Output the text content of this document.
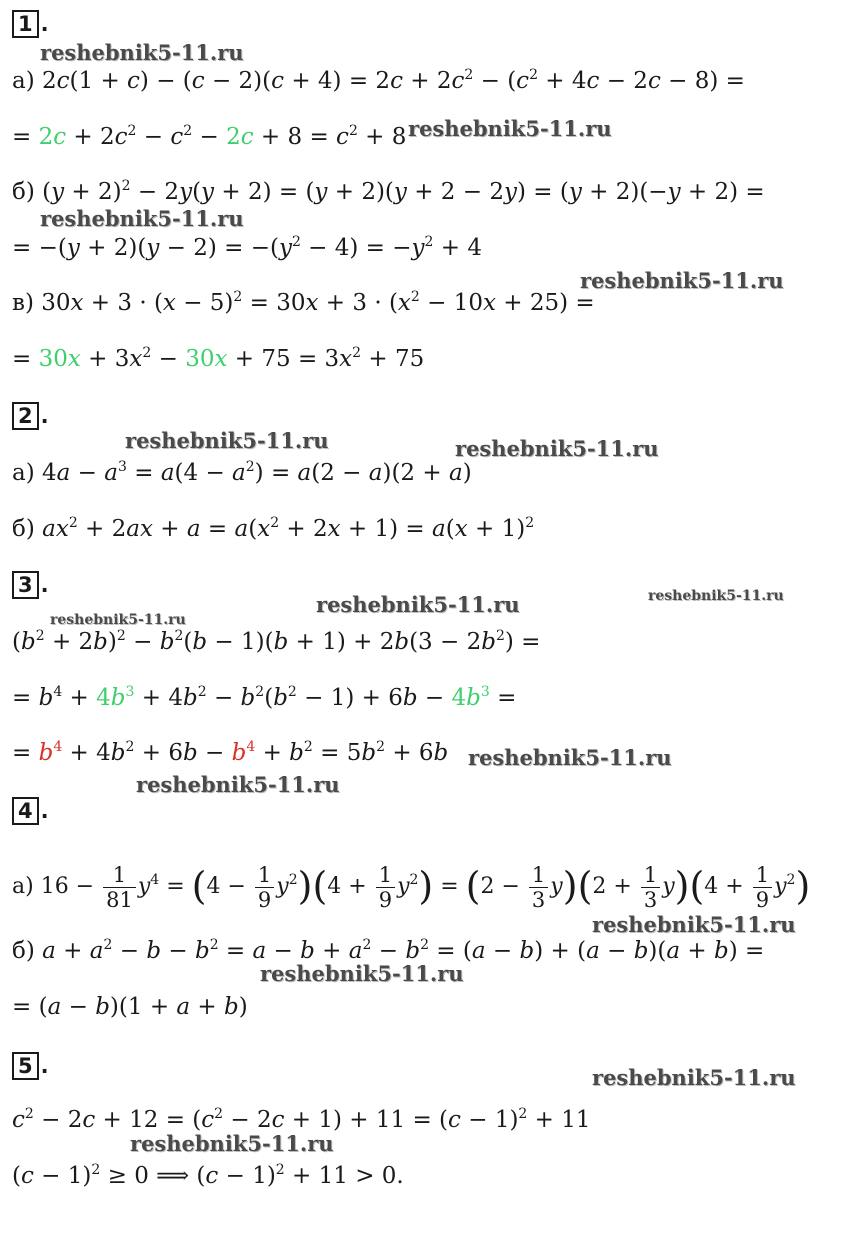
1 .
а) $2c(1 + c) - (c - 2)(c + 4) = 2c + 2c^2 - (c^2 + 4c - 2c - 8)$ =
= $2c + 2c^2 - c^2 - 2c + 8 = c^2 + 8$
б) $(y + 2)^2 - 2y(y + 2) = (y + 2)(y + 2 - 2y) = (y + 2)(-y + 2)$ =
= $-(y + 2)(y - 2) = -(y^2 - 4) = -y^2 + 4$
в) $30x + 3 \cdot (x - 5)^2 = 30x + 3 \cdot (x^2 - 10x + 25)$ =
= $30x + 3x^2 - 30x + 75 = 3x^2 + 75$
2 .
а) $4a - a^3 = a(4 - a^2) = a(2 - a)(2 + a)$
б) $ax^2 + 2ax + a = a(x^2 + 2x + 1) = a(x + 1)^2$
3 .
$(b^2 + 2b)^2 - b^2(b - 1)(b + 1) + 2b(3 - 2b^2)$ =
= $b^4 + 4b^3 + 4b^2 - b^2(b^2 - 1) + 6b - 4b^3$ =
= $b^4 + 4b^2 + 6b - b^4 + b^2 = 5b^2 + 6b$
4 .
а) $16 - \frac{1}{81} y^4 = (4 - \frac{1}{9} y^2)(4 + \frac{1}{9} y^2) = (2 - \frac{1}{3} y)(2 + \frac{1}{3} y)(4 + \frac{1}{9} y^2)$
б) $a + a^2 - b - b^2 = a - b + a^2 - b^2 = (a - b) + (a - b)(a + b)$ =
= (a − b)(1 + a + b)
5 .
$c^2 - 2c + 12 = (c^2 - 2c + 1) + 11 = (c - 1)^2 + 11$
$(c - 1)^2 \ge 0$ ⟹ $(c - 1)^2 + 11 > 0$.
reshebnik5-11.ru
reshebnik5-11.ru
reshebnik5-11.ru
reshebnik5-11.ru
reshebnik5-11.ru	reshebnik5-11.ru
reshebnik5-11.ru	reshebnik5-11.ru
reshebnik5-11.ru
reshebnik5-11.ru
reshebnik5-11.ru
reshebnik5-11.ru
reshebnik5-11.ru
reshebnik5-11.ru
reshebnik5-11.ru
